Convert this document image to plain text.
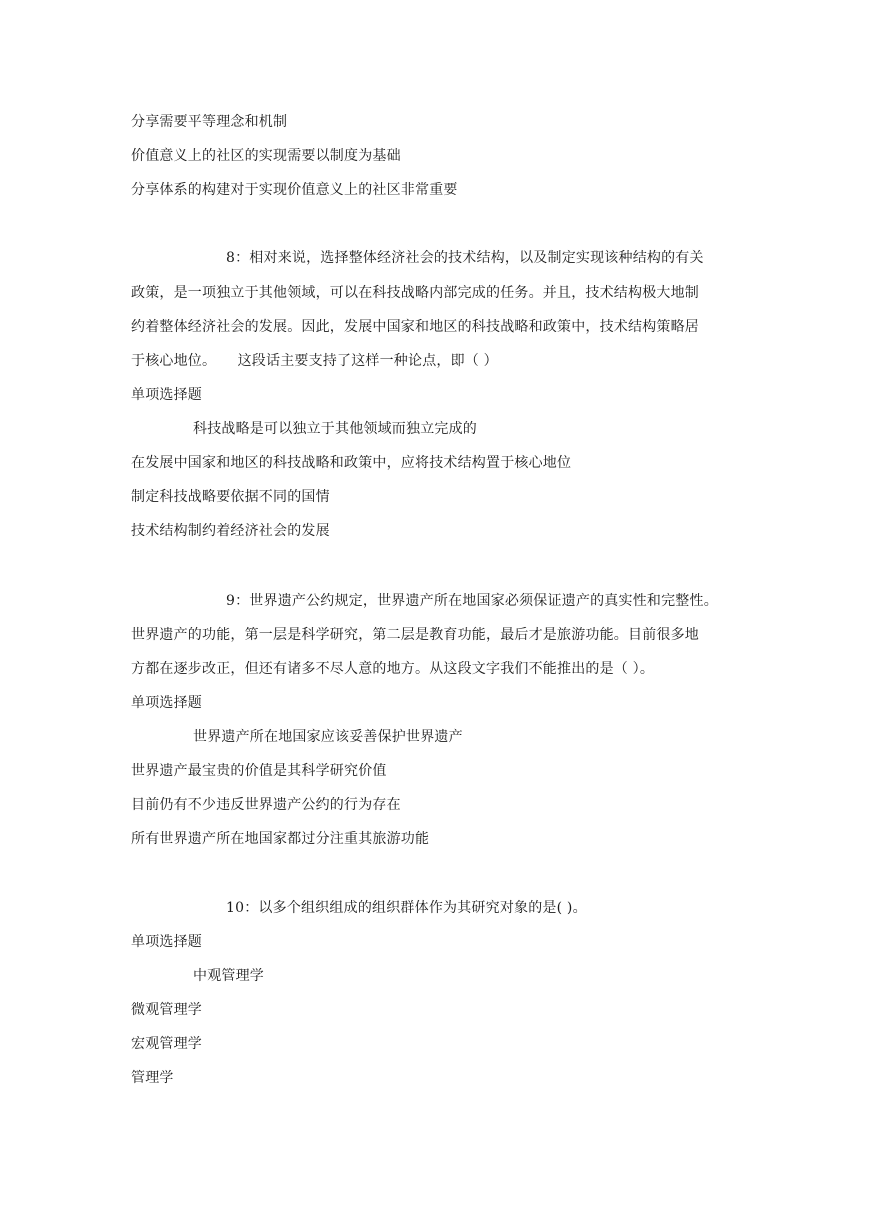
分享需要平等理念和机制
价值意义上的社区的实现需要以制度为基础
分享体系的构建对于实现价值意义上的社区非常重要
8：相对来说，选择整体经济社会的技术结构，以及制定实现该种结构的有关
政策，是一项独立于其他领域，可以在科技战略内部完成的任务。并且，技术结构极大地制
约着整体经济社会的发展。因此，发展中国家和地区的科技战略和政策中，技术结构策略居
于核心地位。　　这段话主要支持了这样一种论点，即（ ）
单项选择题
科技战略是可以独立于其他领域而独立完成的
在发展中国家和地区的科技战略和政策中，应将技术结构置于核心地位
制定科技战略要依据不同的国情
技术结构制约着经济社会的发展
9：世界遗产公约规定，世界遗产所在地国家必须保证遗产的真实性和完整性。
世界遗产的功能，第一层是科学研究，第二层是教育功能，最后才是旅游功能。目前很多地
方都在逐步改正，但还有诸多不尽人意的地方。从这段文字我们不能推出的是（ ）。
单项选择题
世界遗产所在地国家应该妥善保护世界遗产
世界遗产最宝贵的价值是其科学研究价值
目前仍有不少违反世界遗产公约的行为存在
所有世界遗产所在地国家都过分注重其旅游功能
10：以多个组织组成的组织群体作为其研究对象的是( )。
单项选择题
中观管理学
微观管理学
宏观管理学
管理学
